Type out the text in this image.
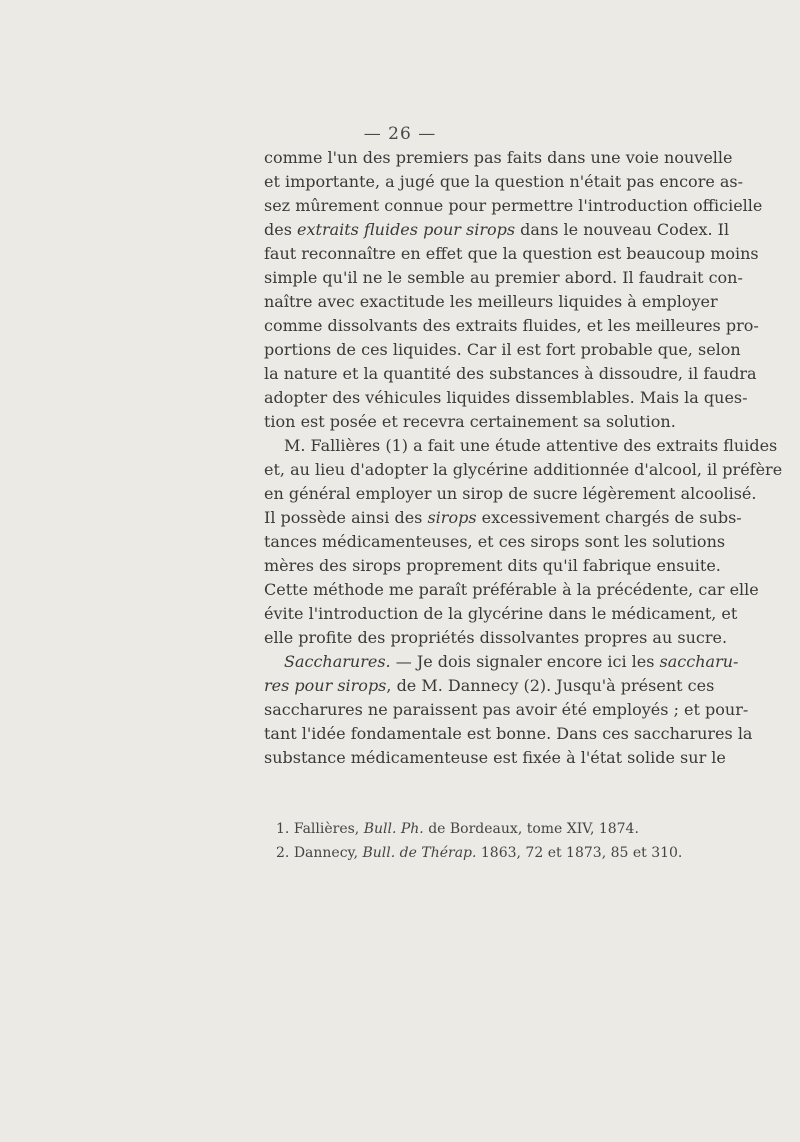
— 26 —
comme l'un des premiers pas faits dans une voie nouvelle
et importante, a jugé que la question n'était pas encore as-
sez mûrement connue pour permettre l'introduction officielle
des extraits fluides pour sirops dans le nouveau Codex. Il
faut reconnaître en effet que la question est beaucoup moins
simple qu'il ne le semble au premier abord. Il faudrait con-
naître avec exactitude les meilleurs liquides à employer
comme dissolvants des extraits fluides, et les meilleures pro-
portions de ces liquides. Car il est fort probable que, selon
la nature et la quantité des substances à dissoudre, il faudra
adopter des véhicules liquides dissemblables. Mais la ques-
tion est posée et recevra certainement sa solution.
M. Fallières (1) a fait une étude attentive des extraits fluides
et, au lieu d'adopter la glycérine additionnée d'alcool, il préfère
en général employer un sirop de sucre légèrement alcoolisé.
Il possède ainsi des sirops excessivement chargés de subs-
tances médicamenteuses, et ces sirops sont les solutions
mères des sirops proprement dits qu'il fabrique ensuite.
Cette méthode me paraît préférable à la précédente, car elle
évite l'introduction de la glycérine dans le médicament, et
elle profite des propriétés dissolvantes propres au sucre.
Saccharures. — Je dois signaler encore ici les saccharu-
res pour sirops, de M. Dannecy (2). Jusqu'à présent ces
saccharures ne paraissent pas avoir été employés ; et pour-
tant l'idée fondamentale est bonne. Dans ces saccharures la
substance médicamenteuse est fixée à l'état solide sur le
1. Fallières, Bull. Ph. de Bordeaux, tome XIV, 1874.
2. Dannecy, Bull. de Thérap. 1863, 72 et 1873, 85 et 310.
